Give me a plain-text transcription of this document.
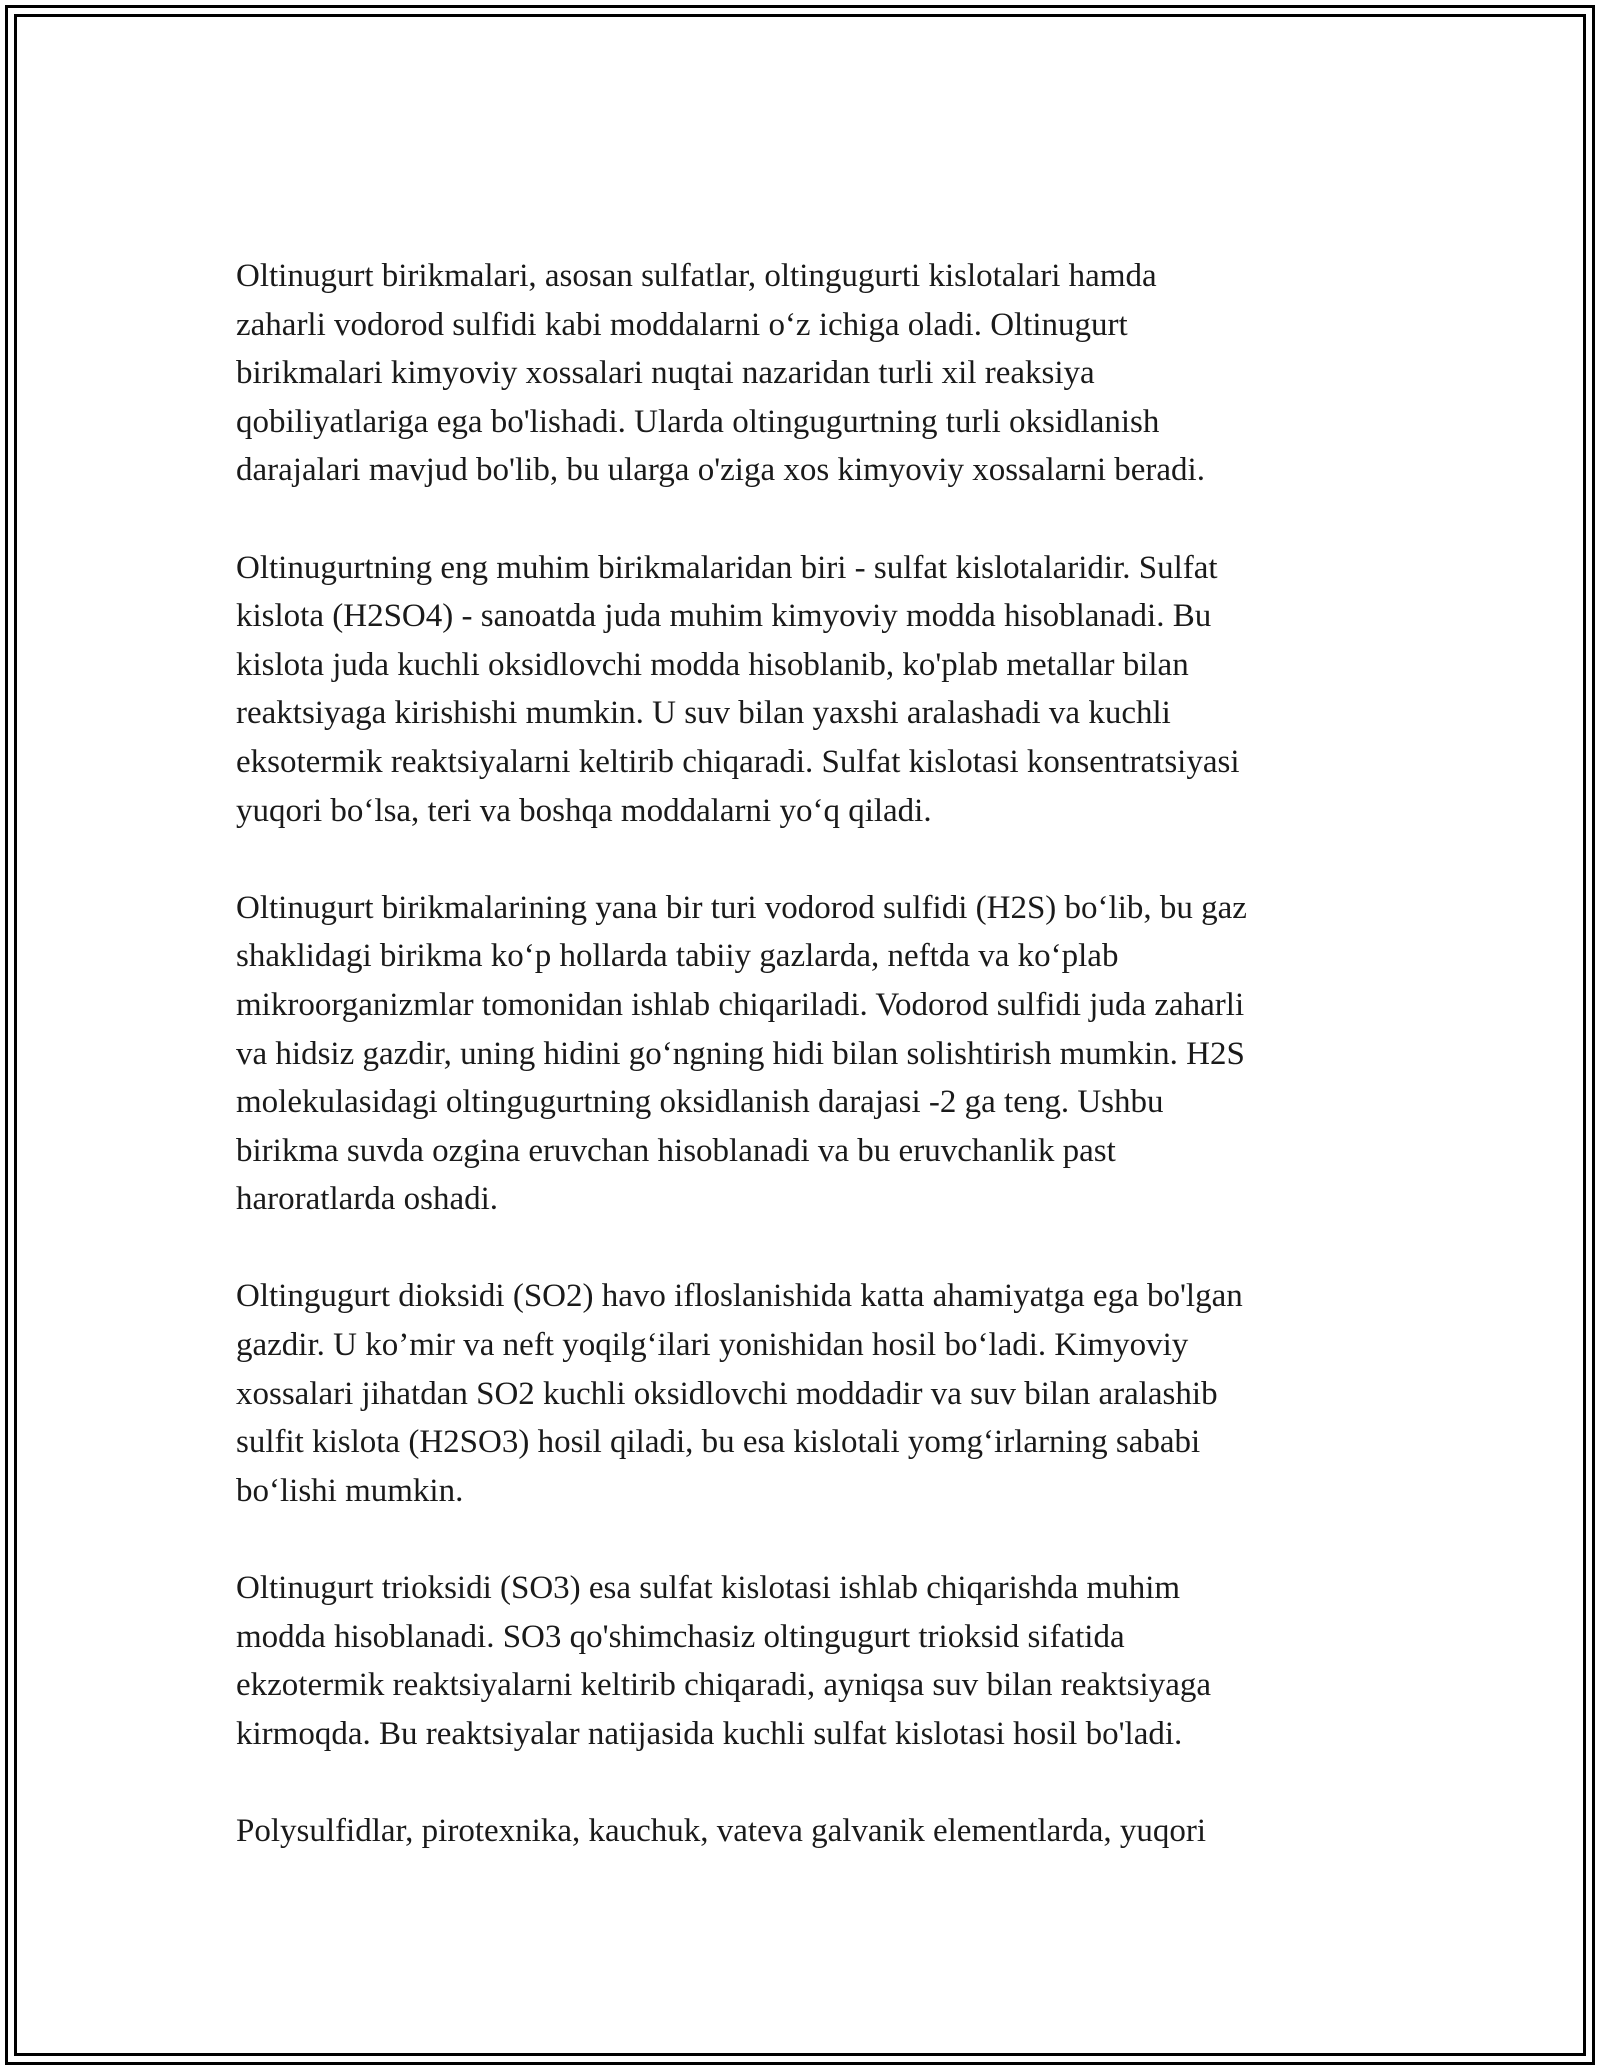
Oltinugurt birikmalari, asosan sulfatlar, oltingugurti kislotalari hamda
zaharli vodorod sulfidi kabi moddalarni o‘z ichiga oladi. Oltinugurt
birikmalari kimyoviy xossalari nuqtai nazaridan turli xil reaksiya
qobiliyatlariga ega bo'lishadi. Ularda oltingugurtning turli oksidlanish
darajalari mavjud bo'lib, bu ularga o'ziga xos kimyoviy xossalarni beradi.

Oltinugurtning eng muhim birikmalaridan biri - sulfat kislotalaridir. Sulfat
kislota (H2SO4) - sanoatda juda muhim kimyoviy modda hisoblanadi. Bu
kislota juda kuchli oksidlovchi modda hisoblanib, ko'plab metallar bilan
reaktsiyaga kirishishi mumkin. U suv bilan yaxshi aralashadi va kuchli
eksotermik reaktsiyalarni keltirib chiqaradi. Sulfat kislotasi konsentratsiyasi
yuqori bo‘lsa, teri va boshqa moddalarni yo‘q qiladi.

Oltinugurt birikmalarining yana bir turi vodorod sulfidi (H2S) bo‘lib, bu gaz
shaklidagi birikma ko‘p hollarda tabiiy gazlarda, neftda va ko‘plab
mikroorganizmlar tomonidan ishlab chiqariladi. Vodorod sulfidi juda zaharli
va hidsiz gazdir, uning hidini go‘ngning hidi bilan solishtirish mumkin. H2S
molekulasidagi oltingugurtning oksidlanish darajasi -2 ga teng. Ushbu
birikma suvda ozgina eruvchan hisoblanadi va bu eruvchanlik past
haroratlarda oshadi.

Oltingugurt dioksidi (SO2) havo ifloslanishida katta ahamiyatga ega bo'lgan
gazdir. U ko’mir va neft yoqilg‘ilari yonishidan hosil bo‘ladi. Kimyoviy
xossalari jihatdan SO2 kuchli oksidlovchi moddadir va suv bilan aralashib
sulfit kislota (H2SO3) hosil qiladi, bu esa kislotali yomg‘irlarning sababi
bo‘lishi mumkin.

Oltinugurt trioksidi (SO3) esa sulfat kislotasi ishlab chiqarishda muhim
modda hisoblanadi. SO3 qo'shimchasiz oltingugurt trioksid sifatida
ekzotermik reaktsiyalarni keltirib chiqaradi, ayniqsa suv bilan reaktsiyaga
kirmoqda. Bu reaktsiyalar natijasida kuchli sulfat kislotasi hosil bo'ladi.

Polysulfidlar, pirotexnika, kauchuk, vateva galvanik elementlarda, yuqori
